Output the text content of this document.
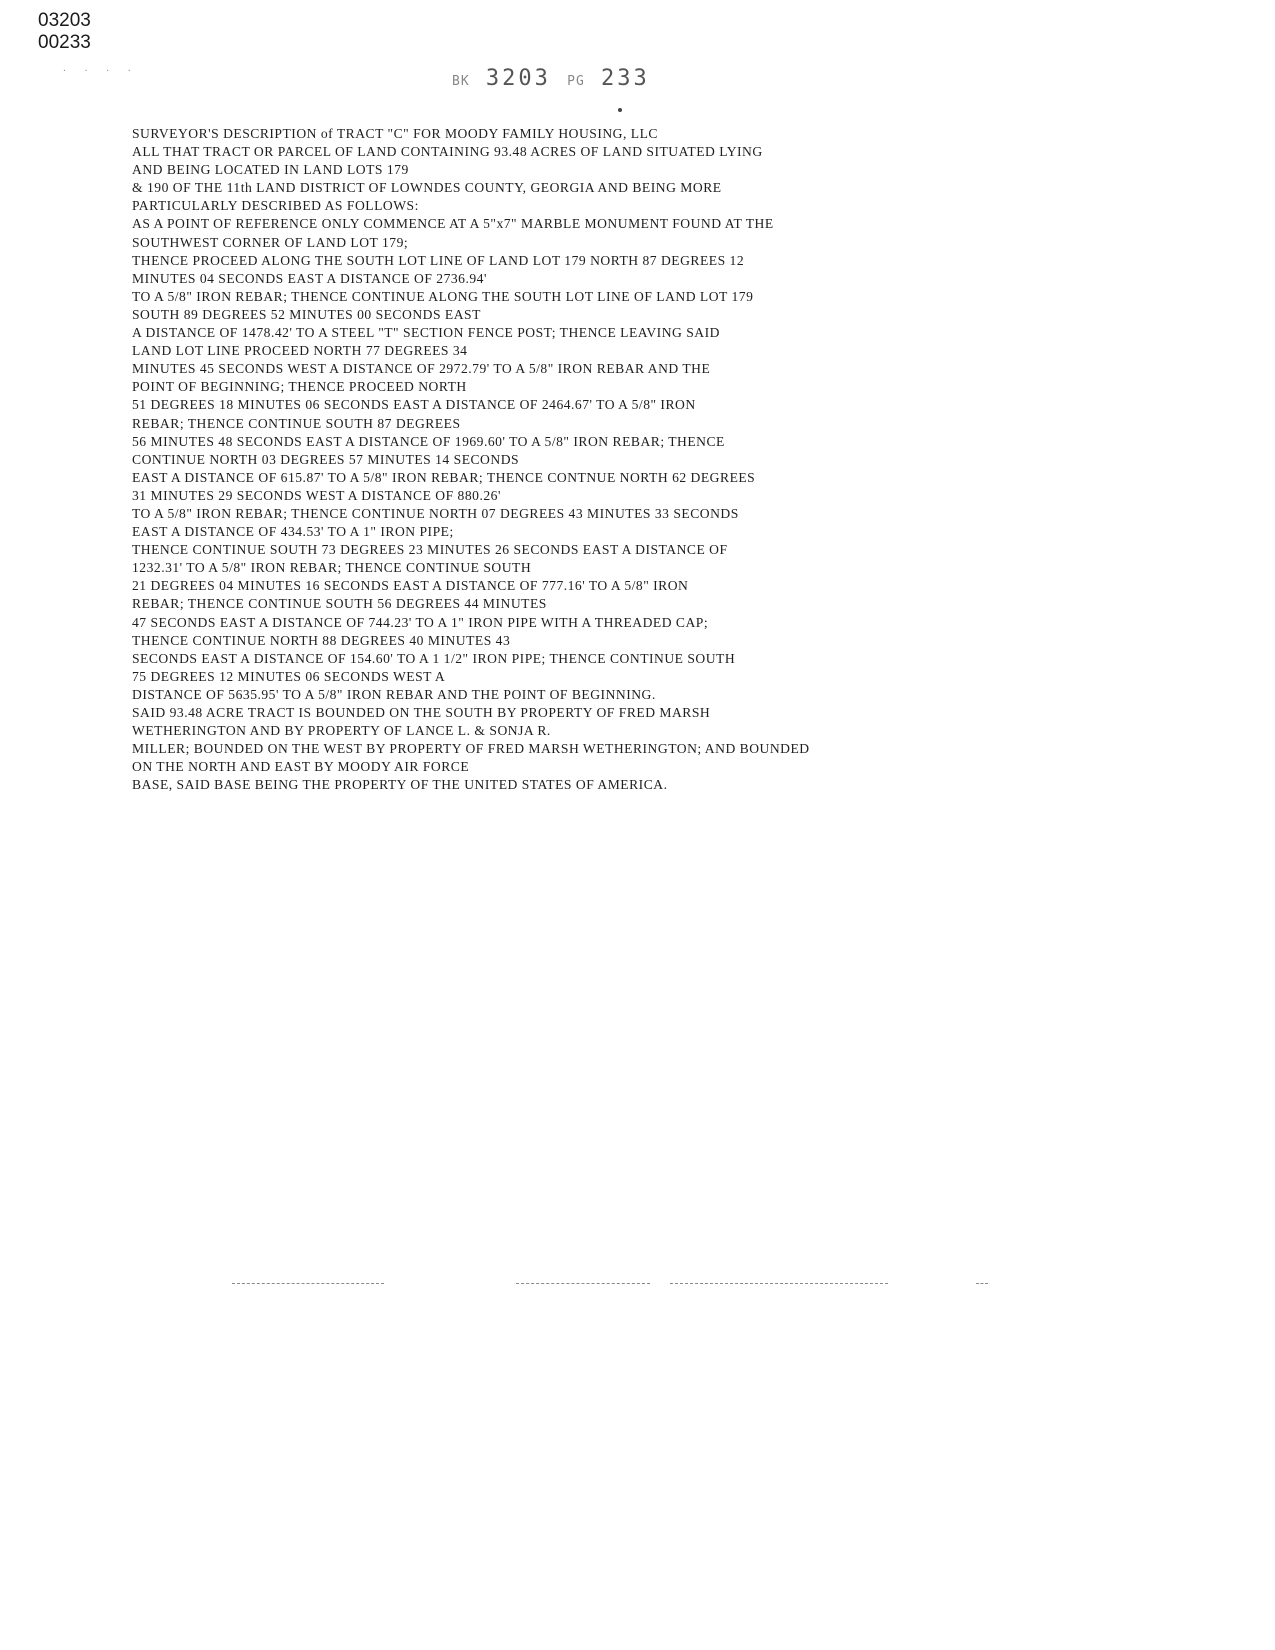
03203
00233
· · · ·
BK 3203 PG 233
SURVEYOR'S DESCRIPTION of TRACT "C" FOR MOODY FAMILY HOUSING, LLC
ALL THAT TRACT OR PARCEL OF LAND CONTAINING 93.48 ACRES OF LAND SITUATED LYING
AND BEING LOCATED IN LAND LOTS 179
& 190 OF THE 11th LAND DISTRICT OF LOWNDES COUNTY, GEORGIA AND BEING MORE
PARTICULARLY DESCRIBED AS FOLLOWS:
AS A POINT OF REFERENCE ONLY COMMENCE AT A 5"x7" MARBLE MONUMENT FOUND AT THE
SOUTHWEST CORNER OF LAND LOT 179;
THENCE PROCEED ALONG THE SOUTH LOT LINE OF LAND LOT 179 NORTH 87 DEGREES 12
MINUTES 04 SECONDS EAST A DISTANCE OF 2736.94'
TO A 5/8" IRON REBAR; THENCE CONTINUE ALONG THE SOUTH LOT LINE OF LAND LOT 179
SOUTH 89 DEGREES 52 MINUTES 00 SECONDS EAST
A DISTANCE OF 1478.42' TO A STEEL "T" SECTION FENCE POST; THENCE LEAVING SAID
LAND LOT LINE PROCEED NORTH 77 DEGREES 34
MINUTES 45 SECONDS WEST A DISTANCE OF 2972.79' TO A 5/8" IRON REBAR AND THE
POINT OF BEGINNING; THENCE PROCEED NORTH
51 DEGREES 18 MINUTES 06 SECONDS EAST A DISTANCE OF 2464.67' TO A 5/8" IRON
REBAR; THENCE CONTINUE SOUTH 87 DEGREES
56 MINUTES 48 SECONDS EAST A DISTANCE OF 1969.60' TO A 5/8" IRON REBAR; THENCE
CONTINUE NORTH 03 DEGREES 57 MINUTES 14 SECONDS
EAST A DISTANCE OF 615.87' TO A 5/8" IRON REBAR; THENCE CONTNUE NORTH 62 DEGREES
31 MINUTES 29 SECONDS WEST A DISTANCE OF 880.26'
TO A 5/8" IRON REBAR; THENCE CONTINUE NORTH 07 DEGREES 43 MINUTES 33 SECONDS
EAST A DISTANCE OF 434.53' TO A 1" IRON PIPE;
THENCE CONTINUE SOUTH 73 DEGREES 23 MINUTES 26 SECONDS EAST A DISTANCE OF
1232.31' TO A 5/8" IRON REBAR; THENCE CONTINUE SOUTH
21 DEGREES 04 MINUTES 16 SECONDS EAST A DISTANCE OF 777.16' TO A 5/8" IRON
REBAR; THENCE CONTINUE SOUTH 56 DEGREES 44 MINUTES
47 SECONDS EAST A DISTANCE OF 744.23' TO A 1" IRON PIPE WITH A THREADED CAP;
THENCE CONTINUE NORTH 88 DEGREES 40 MINUTES 43
SECONDS EAST A DISTANCE OF 154.60' TO A 1 1/2" IRON PIPE; THENCE CONTINUE SOUTH
75 DEGREES 12 MINUTES 06 SECONDS WEST A
DISTANCE OF 5635.95' TO A 5/8" IRON REBAR AND THE POINT OF BEGINNING.
SAID 93.48 ACRE TRACT IS BOUNDED ON THE SOUTH BY PROPERTY OF FRED MARSH
WETHERINGTON AND BY PROPERTY OF LANCE L. & SONJA R.
MILLER; BOUNDED ON THE WEST BY PROPERTY OF FRED MARSH WETHERINGTON; AND BOUNDED
ON THE NORTH AND EAST BY MOODY AIR FORCE
BASE, SAID BASE BEING THE PROPERTY OF THE UNITED STATES OF AMERICA.
